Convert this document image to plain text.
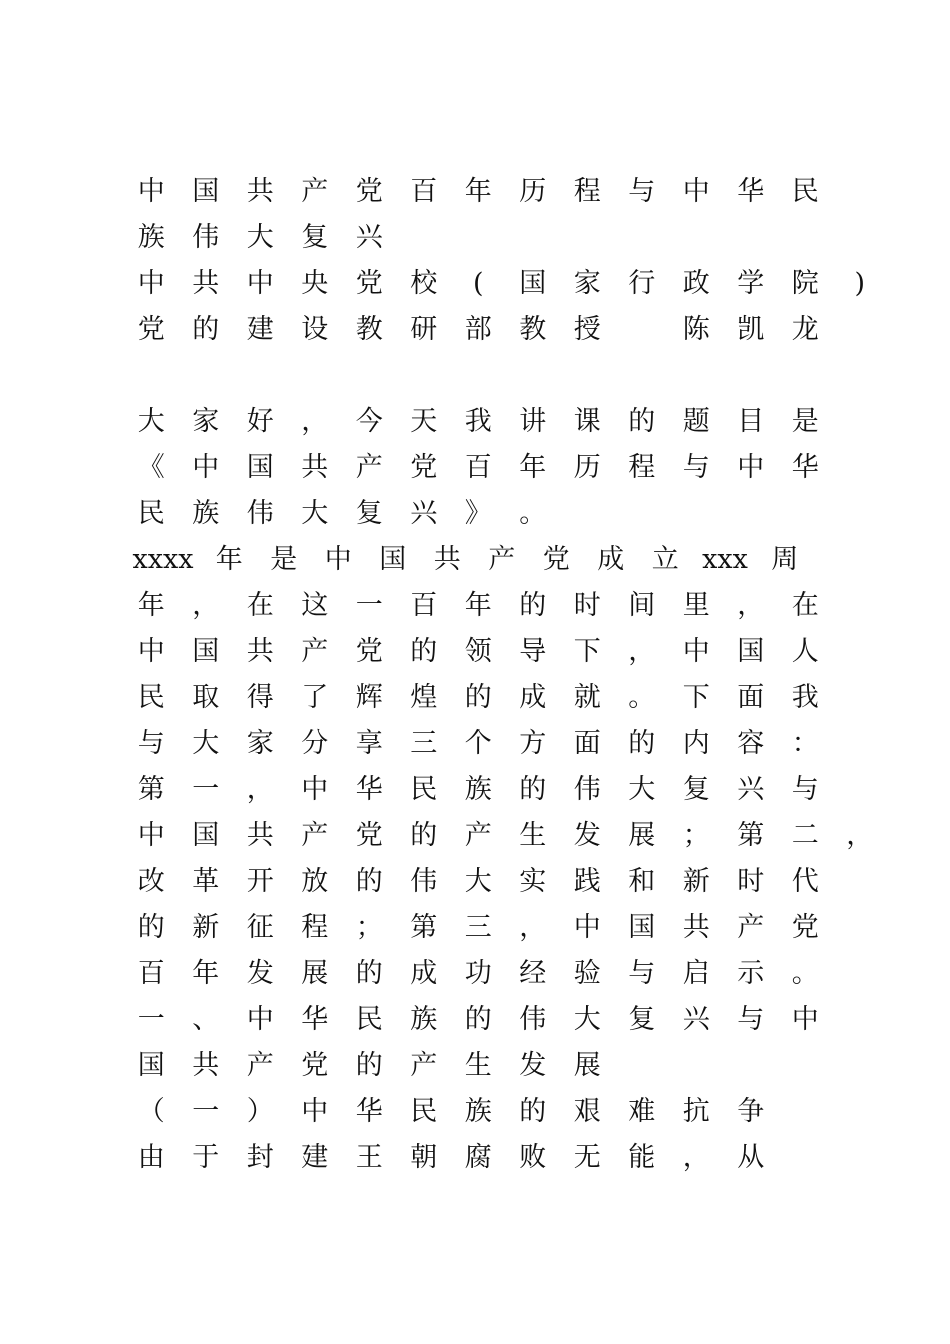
中 国 共 产 党 百 年 历 程 与 中 华 民
族 伟 大 复 兴
中 共 中 央 党 校 ( 国 家 行 政 学 院 )
党 的 建 设 教 研 部 教 授　	陈 凯 龙
大 家 好 ， 今 天 我 讲 课 的 题 目 是
《 中 国 共 产 党 百 年 历 程 与 中 华
民 族 伟 大 复 兴 》 。
xxxx 年 是 中 国 共 产 党 成 立 xxx 周
年 ， 在 这 一 百 年 的 时 间 里 ， 在
中 国 共 产 党 的 领 导 下 ， 中 国 人
民 取 得 了 辉 煌 的 成 就 。 下 面 我
与 大 家 分 享 三 个 方 面 的 内 容 ：
第 一 ， 中 华 民 族 的 伟 大 复 兴 与
中 国 共 产 党 的 产 生 发 展 ； 第 二 ，
改 革 开 放 的 伟 大 实 践 和 新 时 代
的 新 征 程 ； 第 三 ， 中 国 共 产 党
百 年 发 展 的 成 功 经 验 与 启 示 。
一 、 中 华 民 族 的 伟 大 复 兴 与 中
国 共 产 党 的 产 生 发 展
（ 一 ） 中 华 民 族 的 艰 难 抗 争
由 于 封 建 王 朝 腐 败 无 能 ， 从
